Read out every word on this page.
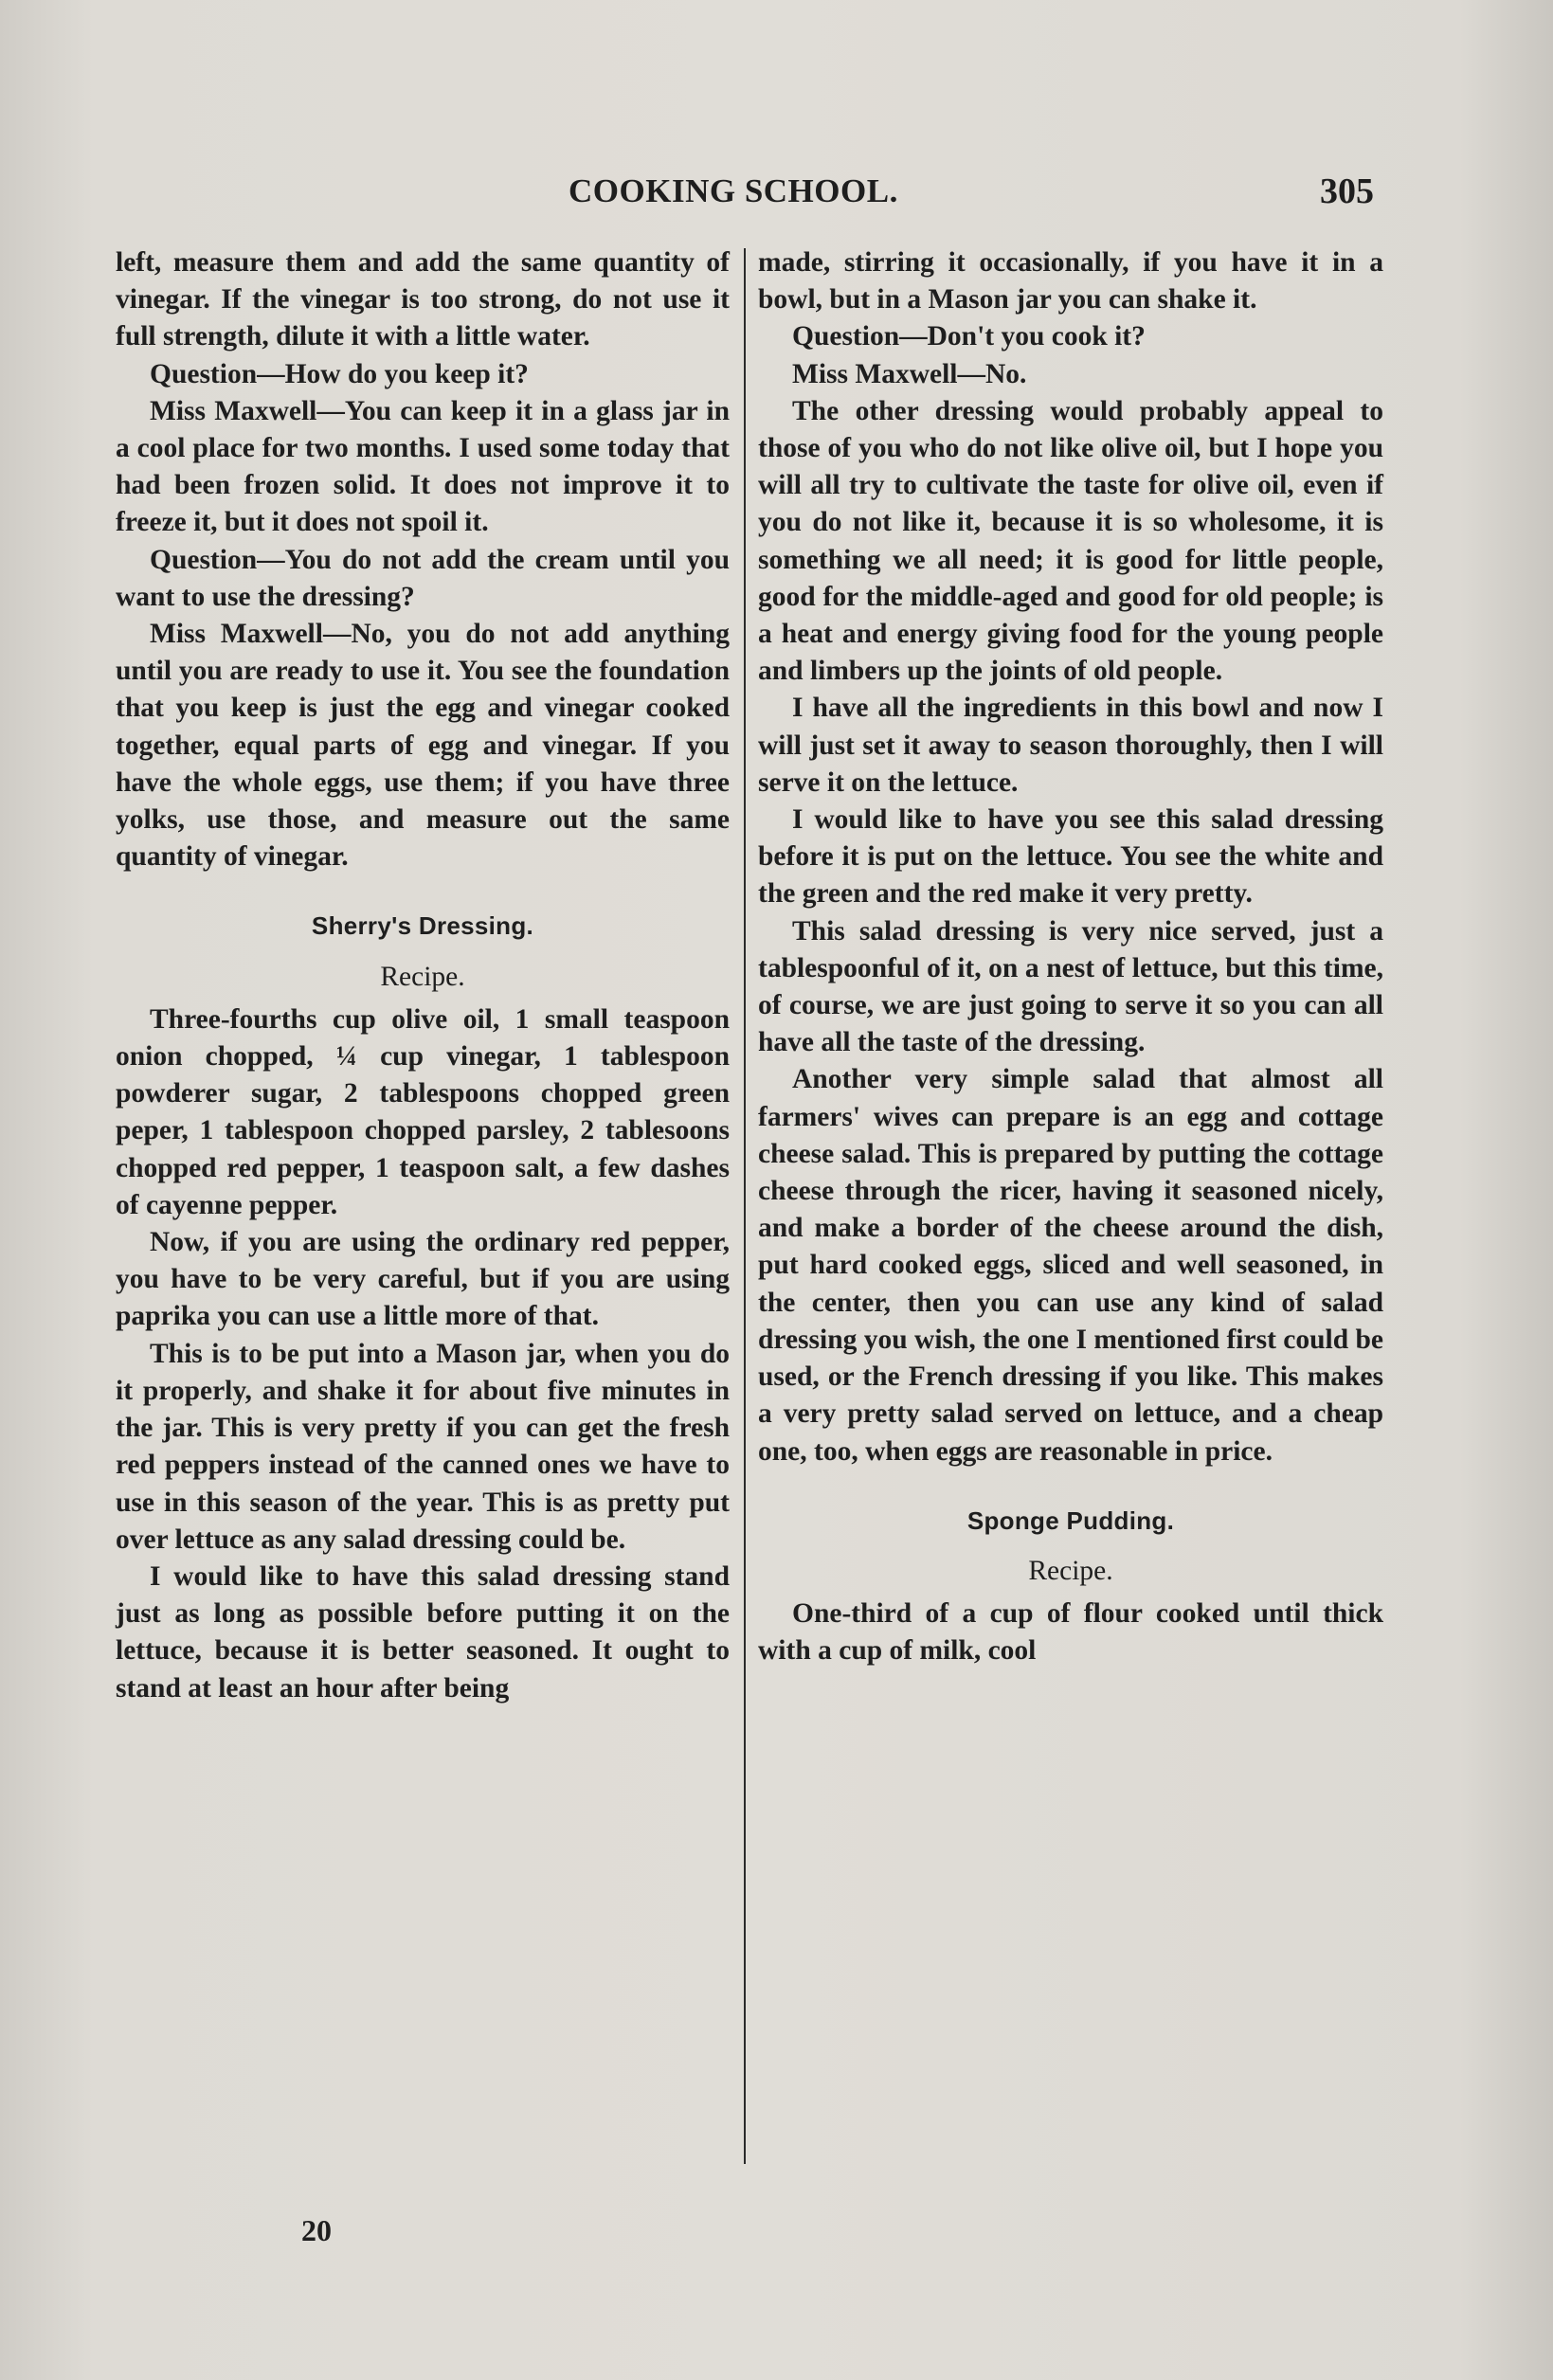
COOKING SCHOOL.	305

left, measure them and add the same quantity of vinegar. If the vinegar is too strong, do not use it full strength, dilute it with a little water.

Question—How do you keep it?

Miss Maxwell—You can keep it in a glass jar in a cool place for two months. I used some today that had been frozen solid. It does not improve it to freeze it, but it does not spoil it.

Question—You do not add the cream until you want to use the dressing?

Miss Maxwell—No, you do not add anything until you are ready to use it. You see the foundation that you keep is just the egg and vinegar cooked together, equal parts of egg and vinegar. If you have the whole eggs, use them; if you have three yolks, use those, and measure out the same quantity of vinegar.

Sherry's Dressing.
Recipe.

Three-fourths cup olive oil, 1 small teaspoon onion chopped, ¼ cup vinegar, 1 tablespoon powderer sugar, 2 tablespoons chopped green peper, 1 tablespoon chopped parsley, 2 tablesoons chopped red pepper, 1 teaspoon salt, a few dashes of cayenne pepper.

Now, if you are using the ordinary red pepper, you have to be very careful, but if you are using paprika you can use a little more of that.

This is to be put into a Mason jar, when you do it properly, and shake it for about five minutes in the jar. This is very pretty if you can get the fresh red peppers instead of the canned ones we have to use in this season of the year. This is as pretty put over lettuce as any salad dressing could be.

I would like to have this salad dressing stand just as long as possible before putting it on the lettuce, because it is better seasoned. It ought to stand at least an hour after being

made, stirring it occasionally, if you have it in a bowl, but in a Mason jar you can shake it.

Question—Don't you cook it?

Miss Maxwell—No.

The other dressing would probably appeal to those of you who do not like olive oil, but I hope you will all try to cultivate the taste for olive oil, even if you do not like it, because it is so wholesome, it is something we all need; it is good for little people, good for the middle-aged and good for old people; is a heat and energy giving food for the young people and limbers up the joints of old people.

I have all the ingredients in this bowl and now I will just set it away to season thoroughly, then I will serve it on the lettuce.

I would like to have you see this salad dressing before it is put on the lettuce. You see the white and the green and the red make it very pretty.

This salad dressing is very nice served, just a tablespoonful of it, on a nest of lettuce, but this time, of course, we are just going to serve it so you can all have all the taste of the dressing.

Another very simple salad that almost all farmers' wives can prepare is an egg and cottage cheese salad. This is prepared by putting the cottage cheese through the ricer, having it seasoned nicely, and make a border of the cheese around the dish, put hard cooked eggs, sliced and well seasoned, in the center, then you can use any kind of salad dressing you wish, the one I mentioned first could be used, or the French dressing if you like. This makes a very pretty salad served on lettuce, and a cheap one, too, when eggs are reasonable in price.

Sponge Pudding.
Recipe.

One-third of a cup of flour cooked until thick with a cup of milk, cool

20
